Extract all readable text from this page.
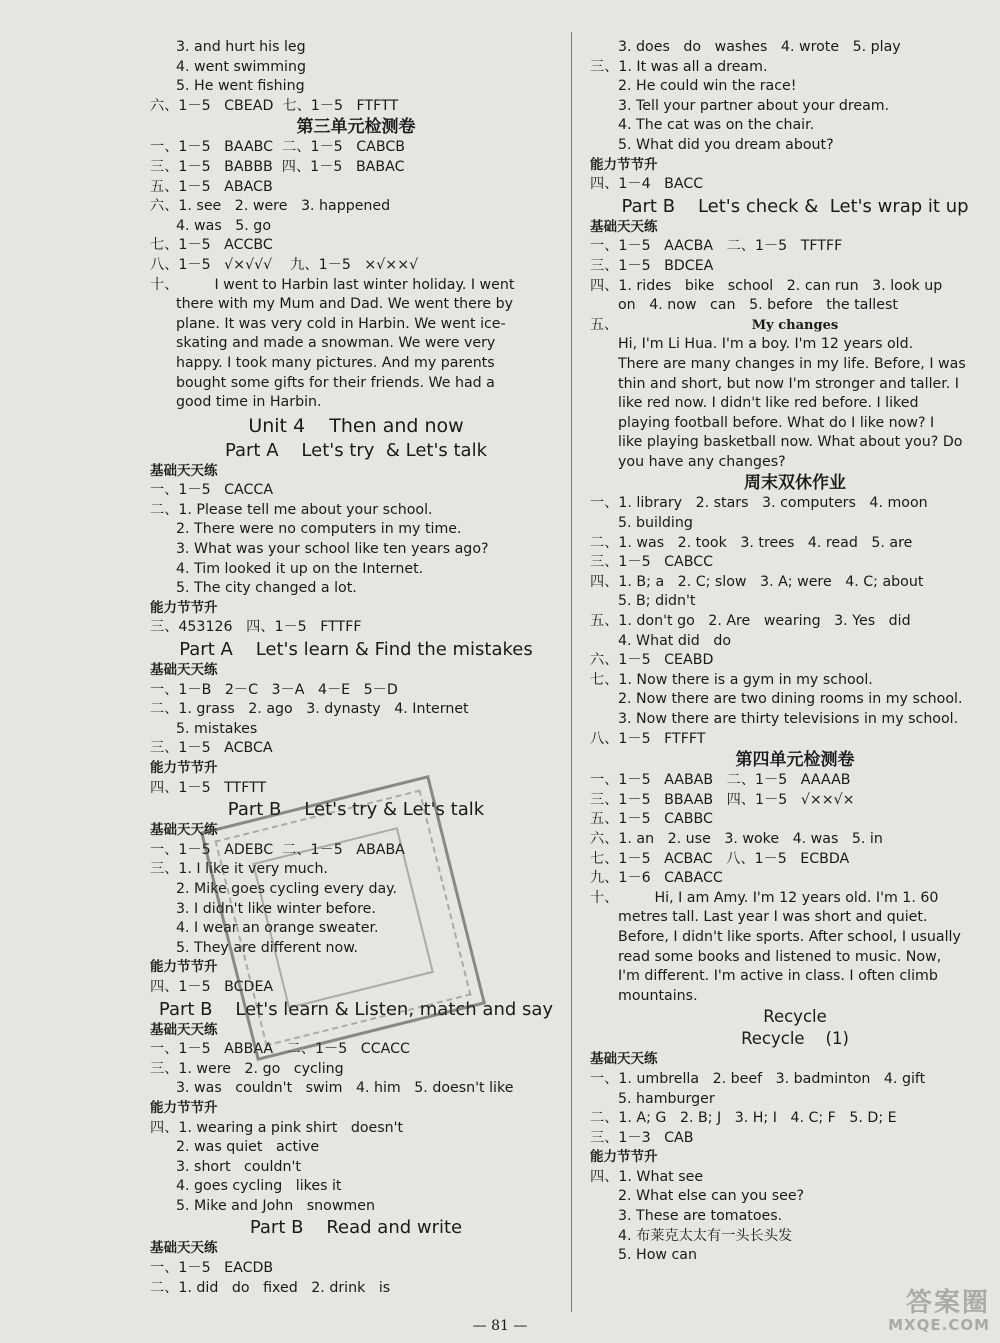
3. and hurt his leg
4. went swimming
5. He went fishing
六、1－5   CBEAD  七、1－5   FTFTT
第三单元检测卷
一、1－5   BAABC  二、1－5   CABCB
三、1－5   BABBB  四、1－5   BABAC
五、1－5   ABACB
六、1. see   2. were   3. happened
4. was   5. go
七、1－5   ACCBC
八、1－5   √×√√√    九、1－5   ×√××√
十、        I went to Harbin last winter holiday. I went
there with my Mum and Dad. We went there by
plane. It was very cold in Harbin. We went ice-
skating and made a snowman. We were very
happy. I took many pictures. And my parents
bought some gifts for their friends. We had a
good time in Harbin.
Unit 4    Then and now
Part A    Let's try  & Let's talk
基础天天练
一、1－5   CACCA
二、1. Please tell me about your school.
2. There were no computers in my time.
3. What was your school like ten years ago?
4. Tim looked it up on the Internet.
5. The city changed a lot.
能力节节升
三、453126   四、1－5   FTTFF
Part A    Let's learn & Find the mistakes
基础天天练
一、1－B   2－C   3－A   4－E   5－D
二、1. grass   2. ago   3. dynasty   4. Internet
5. mistakes
三、1－5   ACBCA
能力节节升
四、1－5   TTFTT
Part B    Let's try & Let's talk
基础天天练
一、1－5   ADEBC  二、1－5   ABABA
三、1. I like it very much.
2. Mike goes cycling every day.
3. I didn't like winter before.
4. I wear an orange sweater.
5. They are different now.
能力节节升
四、1－5   BCDEA
Part B    Let's learn & Listen, match and say
基础天天练
一、1－5   ABBAA   二、1－5   CCACC
三、1. were   2. go   cycling
3. was   couldn't   swim   4. him   5. doesn't like
能力节节升
四、1. wearing a pink shirt   doesn't
2. was quiet   active
3. short   couldn't
4. goes cycling   likes it
5. Mike and John   snowmen
Part B    Read and write
基础天天练
一、1－5   EACDB
二、1. did   do   fixed   2. drink   is
3. does   do   washes   4. wrote   5. play
三、1. It was all a dream.
2. He could win the race!
3. Tell your partner about your dream.
4. The cat was on the chair.
5. What did you dream about?
能力节节升
四、1－4   BACC
Part B    Let's check &  Let's wrap it up
基础天天练
一、1－5   AACBA   二、1－5   TFTFF
三、1－5   BDCEA
四、1. rides   bike   school   2. can run   3. look up
on   4. now   can   5. before   the tallest
五、	My changes
Hi, I'm Li Hua. I'm a boy. I'm 12 years old.
There are many changes in my life. Before, I was
thin and short, but now I'm stronger and taller. I
like red now. I didn't like red before. I liked
playing football before. What do I like now? I
like playing basketball now. What about you? Do
you have any changes?
周末双休作业
一、1. library   2. stars   3. computers   4. moon
5. building
二、1. was   2. took   3. trees   4. read   5. are
三、1－5   CABCC
四、1. B; a   2. C; slow   3. A; were   4. C; about
5. B; didn't
五、1. don't go   2. Are   wearing   3. Yes   did
4. What did   do
六、1－5   CEABD
七、1. Now there is a gym in my school.
2. Now there are two dining rooms in my school.
3. Now there are thirty televisions in my school.
八、1－5   FTFFT
第四单元检测卷
一、1－5   AABAB   二、1－5   AAAAB
三、1－5   BBAAB   四、1－5   √××√×
五、1－5   CABBC
六、1. an   2. use   3. woke   4. was   5. in
七、1－5   ACBAC   八、1－5   ECBDA
九、1－6   CABACC
十、        Hi, I am Amy. I'm 12 years old. I'm 1. 60
metres tall. Last year I was short and quiet.
Before, I didn't like sports. After school, I usually
read some books and listened to music. Now,
I'm different. I'm active in class. I often climb
mountains.
Recycle
Recycle    (1)
基础天天练
一、1. umbrella   2. beef   3. badminton   4. gift
5. hamburger
二、1. A; G   2. B; J   3. H; I   4. C; F   5. D; E
三、1－3   CAB
能力节节升
四、1. What see
2. What else can you see?
3. These are tomatoes.
4. 布莱克太太有一头长头发
5. How can
— 81 —
答案圈
MXQE.COM
